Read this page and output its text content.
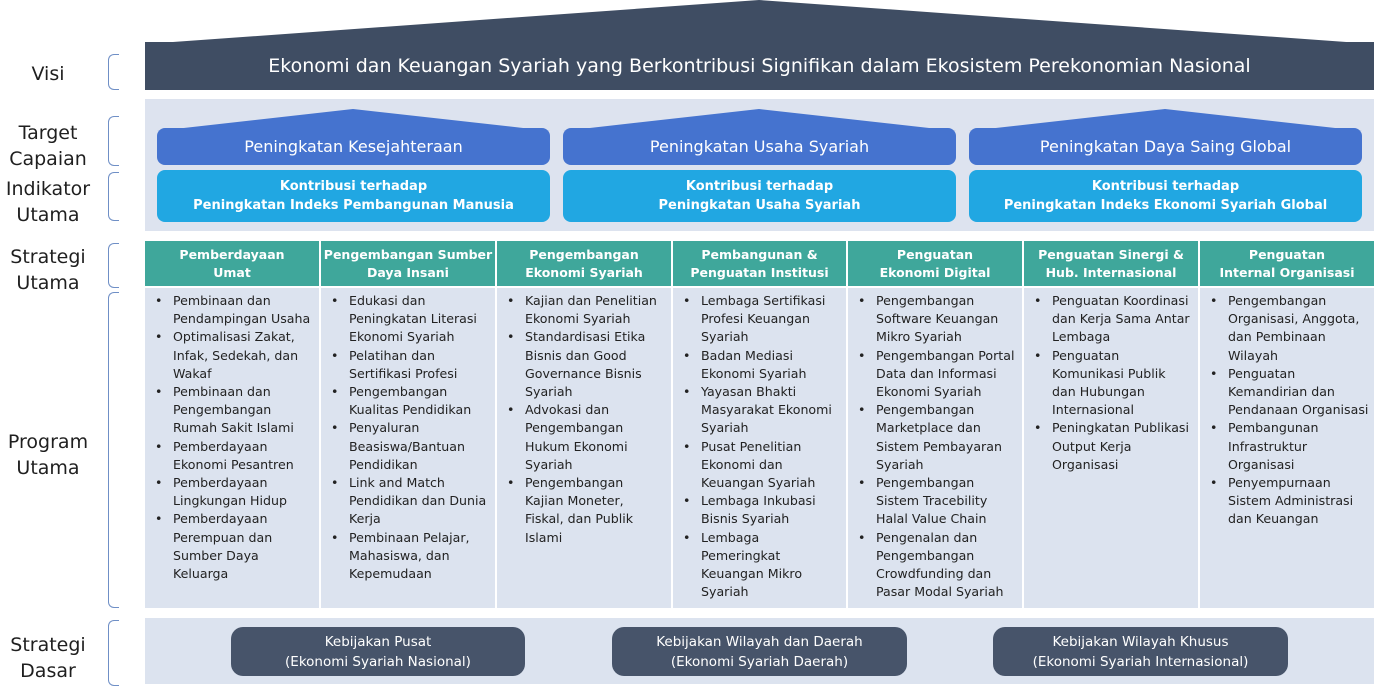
Visi
Target
Capaian
Indikator
Utama
Strategi
Utama
Program
Utama
Strategi
Dasar
Ekonomi dan Keuangan Syariah yang Berkontribusi Signifikan dalam Ekosistem Perekonomian Nasional
Peningkatan Kesejahteraan	Peningkatan Usaha Syariah	Peningkatan Daya Saing Global
Kontribusi terhadap
Peningkatan Indeks Pembangunan Manusia
Kontribusi terhadap
Peningkatan Usaha Syariah
Kontribusi terhadap
Peningkatan Indeks Ekonomi Syariah Global
Pemberdayaan
Umat
Pengembangan Sumber
Daya Insani
Pengembangan
Ekonomi Syariah
Pembangunan &
Penguatan Institusi
Penguatan
Ekonomi Digital
Penguatan Sinergi &
Hub. Internasional
Penguatan
Internal Organisasi
• Pembinaan dan
Pendampingan Usaha
• Optimalisasi Zakat,
Infak, Sedekah, dan
Wakaf
• Pembinaan dan
Pengembangan
Rumah Sakit Islami
• Pemberdayaan
Ekonomi Pesantren
• Pemberdayaan
Lingkungan Hidup
• Pemberdayaan
Perempuan dan
Sumber Daya
Keluarga
• Edukasi dan
Peningkatan Literasi
Ekonomi Syariah
• Pelatihan dan
Sertifikasi Profesi
• Pengembangan
Kualitas Pendidikan
• Penyaluran
Beasiswa/Bantuan
Pendidikan
• Link and Match
Pendidikan dan Dunia
Kerja
• Pembinaan Pelajar,
Mahasiswa, dan
Kepemudaan
• Kajian dan Penelitian
Ekonomi Syariah
• Standardisasi Etika
Bisnis dan Good
Governance Bisnis
Syariah
• Advokasi dan
Pengembangan
Hukum Ekonomi
Syariah
• Pengembangan
Kajian Moneter,
Fiskal, dan Publik
Islami
• Lembaga Sertifikasi
Profesi Keuangan
Syariah
• Badan Mediasi
Ekonomi Syariah
• Yayasan Bhakti
Masyarakat Ekonomi
Syariah
• Pusat Penelitian
Ekonomi dan
Keuangan Syariah
• Lembaga Inkubasi
Bisnis Syariah
• Lembaga
Pemeringkat
Keuangan Mikro
Syariah
• Pengembangan
Software Keuangan
Mikro Syariah
• Pengembangan Portal
Data dan Informasi
Ekonomi Syariah
• Pengembangan
Marketplace dan
Sistem Pembayaran
Syariah
• Pengembangan
Sistem Tracebility
Halal Value Chain
• Pengenalan dan
Pengembangan
Crowdfunding dan
Pasar Modal Syariah
• Penguatan Koordinasi
dan Kerja Sama Antar
Lembaga
• Penguatan
Komunikasi Publik
dan Hubungan
Internasional
• Peningkatan Publikasi
Output Kerja
Organisasi
• Pengembangan
Organisasi, Anggota,
dan Pembinaan
Wilayah
• Penguatan
Kemandirian dan
Pendanaan Organisasi
• Pembangunan
Infrastruktur
Organisasi
• Penyempurnaan
Sistem Administrasi
dan Keuangan
Kebijakan Pusat
(Ekonomi Syariah Nasional)
Kebijakan Wilayah dan Daerah
(Ekonomi Syariah Daerah)
Kebijakan Wilayah Khusus
(Ekonomi Syariah Internasional)
